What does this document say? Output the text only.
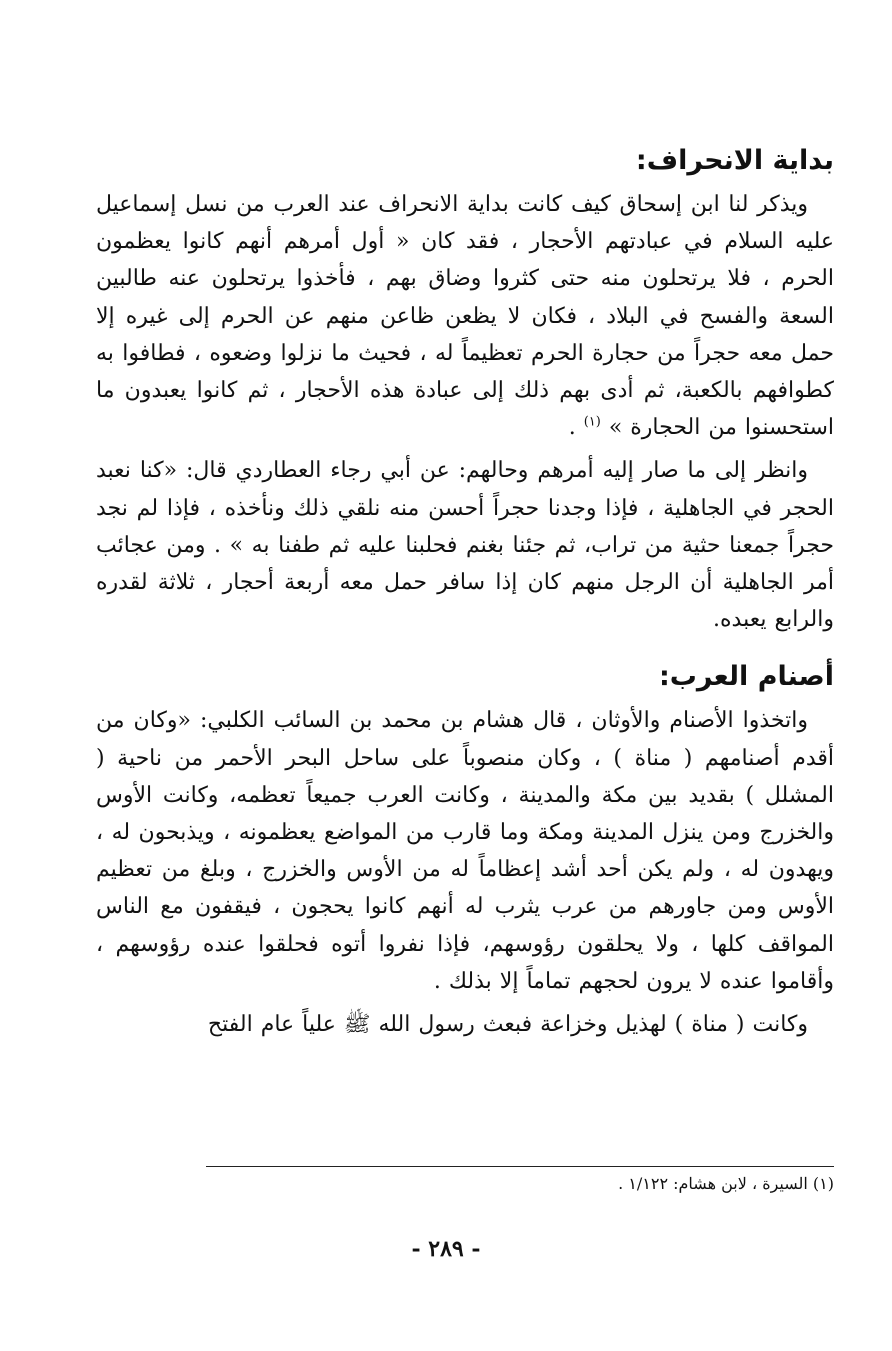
بداية الانحراف:

ويذكر لنا ابن إسحاق كيف كانت بداية الانحراف عند العرب من نسل إسماعيل عليه السلام في عبادتهم الأحجار ، فقد كان « أول أمرهم أنهم كانوا يعظمون الحرم ، فلا يرتحلون منه حتى كثروا وضاق بهم ، فأخذوا يرتحلون عنه طالبين السعة والفسح في البلاد ، فكان لا يظعن ظاعن منهم عن الحرم إلى غيره إلا حمل معه حجراً من حجارة الحرم تعظيماً له ، فحيث ما نزلوا وضعوه ، فطافوا به كطوافهم بالكعبة، ثم أدى بهم ذلك إلى عبادة هذه الأحجار ، ثم كانوا يعبدون ما استحسنوا من الحجارة » $^{(١)}$ .

وانظر إلى ما صار إليه أمرهم وحالهم: عن أبي رجاء العطاردي قال: «كنا نعبد الحجر في الجاهلية ، فإذا وجدنا حجراً أحسن منه نلقي ذلك ونأخذه ، فإذا لم نجد حجراً جمعنا حثية من تراب، ثم جئنا بغنم فحلبنا عليه ثم طفنا به » . ومن عجائب أمر الجاهلية أن الرجل منهم كان إذا سافر حمل معه أربعة أحجار ، ثلاثة لقدره والرابع يعبده.

أصنام العرب:

واتخذوا الأصنام والأوثان ، قال هشام بن محمد بن السائب الكلبي: «وكان من أقدم أصنامهم ( مناة ) ، وكان منصوباً على ساحل البحر الأحمر من ناحية ( المشلل ) بقديد بين مكة والمدينة ، وكانت العرب جميعاً تعظمه، وكانت الأوس والخزرج ومن ينزل المدينة ومكة وما قارب من المواضع يعظمونه ، ويذبحون له ، ويهدون له ، ولم يكن أحد أشد إعظاماً له من الأوس والخزرج ، وبلغ من تعظيم الأوس ومن جاورهم من عرب يثرب له أنهم كانوا يحجون ، فيقفون مع الناس المواقف كلها ، ولا يحلقون رؤوسهم، فإذا نفروا أتوه فحلقوا عنده رؤوسهم ، وأقاموا عنده لا يرون لحجهم تماماً إلا بذلك .

وكانت ( مناة ) لهذيل وخزاعة فبعث رسول الله ﷺ علياً عام الفتح

(١) السيرة ، لابن هشام: ١/١٢٢ .
- ٢٨٩ -
